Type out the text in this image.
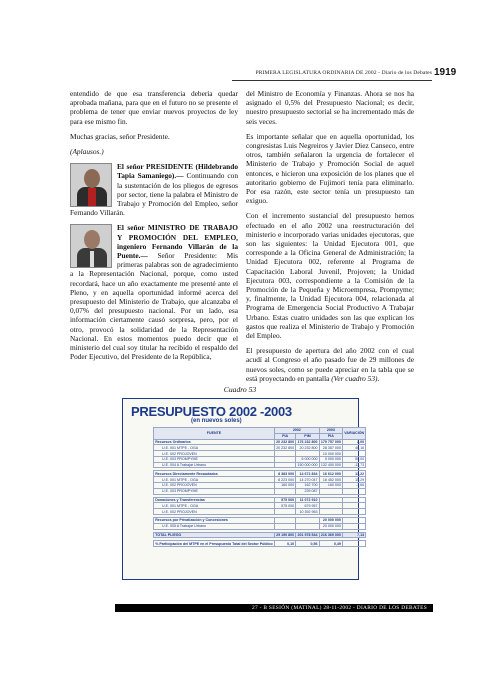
PRIMERA LEGISLATURA ORDINARIA DE 2002 - Diario de los Debates 1919

entendido de que esa transferencia debería quedar aprobada mañana, para que en el futuro no se presente el problema de tener que enviar nuevos proyectos de ley para ese mismo fin.

Muchas gracias, señor Presidente.

(Aplausos.)

El señor PRESIDENTE (Hildebrando Tapia Samaniego).— Continuando con la sustentación de los pliegos de egresos por sector, tiene la palabra el Ministro de Trabajo y Promoción del Empleo, señor Fernando Villarán.

El señor MINISTRO DE TRABAJO Y PROMOCIÓN DEL EMPLEO, ingeniero Fernando Villarán de la Puente.— Señor Presidente: Mis primeras palabras son de agradecimiento a la Representación Nacional, porque, como usted recordará, hace un año exactamente me presenté ante el Pleno, y en aquella oportunidad informé acerca del presupuesto del Ministerio de Trabajo, que alcanzaba el 0,07% del presupuesto nacional. Por un lado, esa información ciertamente causó sorpresa, pero, por el otro, provocó la solidaridad de la Representación Nacional. En estos momentos puedo decir que el ministerio del cual soy titular ha recibido el respaldo del Poder Ejecutivo, del Presidente de la República,

del Ministro de Economía y Finanzas. Ahora se nos ha asignado el 0,5% del Presupuesto Nacional; es decir, nuestro presupuesto sectorial se ha incrementado más de seis veces.

Es importante señalar que en aquella oportunidad, los congresistas Luis Negreiros y Javier Diez Canseco, entre otros, también señalaron la urgencia de fortalecer el Ministerio de Trabajo y Promoción Social de aquel entonces, e hicieron una exposición de los planes que el autoritario gobierno de Fujimori tenía para eliminarlo. Por esa razón, este sector tenía un presupuesto tan exiguo.

Con el incremento sustancial del presupuesto hemos efectuado en el año 2002 una reestructuración del ministerio e incorporado varias unidades ejecutoras, que son las siguientes: la Unidad Ejecutora 001, que corresponde a la Oficina General de Administración; la Unidad Ejecutora 002, referente al Programa de Capacitación Laboral Juvenil, Projoven; la Unidad Ejecutora 003, correspondiente a la Comisión de la Promoción de la Pequeña y Microempresa, Prompyme; y, finalmente, la Unidad Ejecutora 004, relacionada al Programa de Emergencia Social Productivo A Trabajar Urbano. Estas cuatro unidades son las que explican los gastos que realiza el Ministerio de Trabajo y Promoción del Empleo.

El presupuesto de apertura del año 2002 con el cual acudí al Congreso el año pasado fue de 29 millones de nuevos soles, como se puede apreciar en la tabla que se está proyectando en pantalla (Ver cuadro 53).

Cuadro 53
PRESUPUESTO 2002 -2003
(en nuevos soles)
FUENTE	2002		2003	VARIACIÓN
	PIA	PIM	PIA	
Recursos Ordinarios	20 232 800	176 232 800	179 757 000	2,00
U.E. 001 MTPE - OGA	20 232 800	20 232 800	28 357 000	40,16
U.E. 002 PROJOVEN			10 000 000	
U.E. 003 PROMPYME		6 000 000	9 000 000	50,00
U.E. 004 A Trabajar Urbano		150 000 000	132 400 000	-11,73

Recursos Directamente Recaudados	8 383 000	14 672 834	16 612 000	13,22
U.E. 001 MTPE - OGA	8 223 000	14 270 047	16 452 000	15,29
U.E. 002 PROJOVEN	160 000	162 700	160 000	-1,66
U.E. 003 PROMPYME		239 087		

Donaciones y Transferencias	575 000	11 072 910		
U.E. 001 MTPE - OGA	575 000	679 957		
U.E. 002 PROJOVEN		10 392 953		

Recursos por Privatización y Concesiones			20 000 000	
U.E. 005 A Trabajar Urbano			20 000 000	

TOTAL PLIEGO	29 190 800	201 978 544	216 369 000	7,13

% Participación del MTPE en el Presupuesto Total del Sector Público	0,10	0,56	0,49	
27 - B SESIÓN (MATINAL) 28-11-2002 - DIARIO DE LOS DEBATES
